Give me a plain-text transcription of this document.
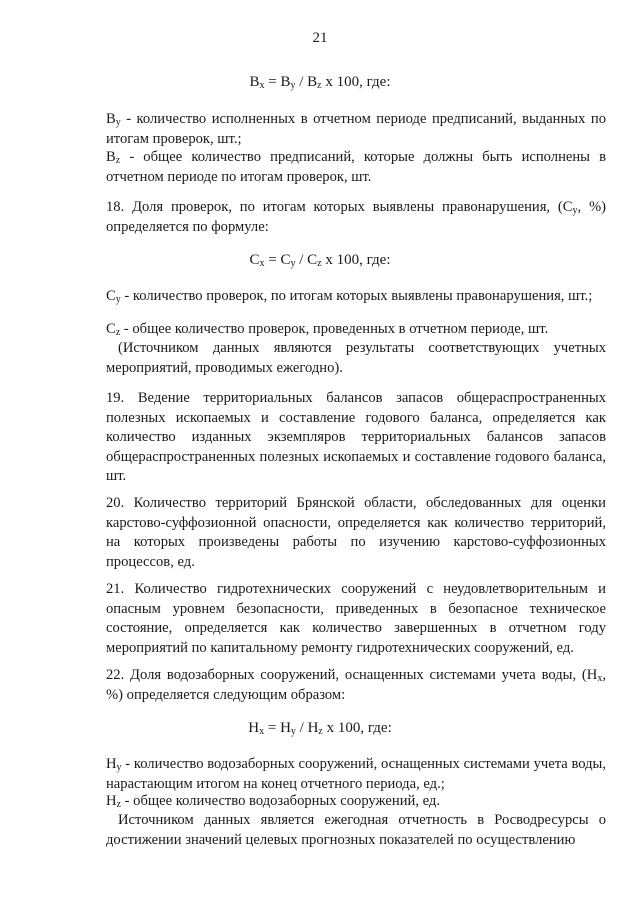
21
$B_x = B_y / B_z$ x 100, где:
$B_y$ - количество исполненных в отчетном периоде предписаний, выданных по итогам проверок, шт.;
$B_z$ - общее количество предписаний, которые должны быть исполнены в отчетном периоде по итогам проверок, шт.
18. Доля проверок, по итогам которых выявлены правонарушения, ($C_y$, %) определяется по формуле:
$C_x = C_y / C_z$ x 100, где:
$C_y$ - количество проверок, по итогам которых выявлены правонарушения, шт.;
$C_z$ - общее количество проверок, проведенных в отчетном периоде, шт.
(Источником данных являются результаты соответствующих учетных мероприятий, проводимых ежегодно).
19. Ведение территориальных балансов запасов общераспространенных полезных ископаемых и составление годового баланса, определяется как количество изданных экземпляров территориальных балансов запасов общераспространенных полезных ископаемых и составление годового баланса, шт.
20. Количество территорий Брянской области, обследованных для оценки карстово-суффозионной опасности, определяется как количество территорий, на которых произведены работы по изучению карстово-суффозионных процессов, ед.
21. Количество гидротехнических сооружений с неудовлетворительным и опасным уровнем безопасности, приведенных в безопасное техническое состояние, определяется как количество завершенных в отчетном году мероприятий по капитальному ремонту гидротехнических сооружений, ед.
22. Доля водозаборных сооружений, оснащенных системами учета воды, ($H_x$, %) определяется следующим образом:
$H_x = H_y / H_z$ x 100, где:
$H_y$ - количество водозаборных сооружений, оснащенных системами учета воды, нарастающим итогом на конец отчетного периода, ед.;
$H_z$ - общее количество водозаборных сооружений, ед.
Источником данных является ежегодная отчетность в Росводресурсы о достижении значений целевых прогнозных показателей по осуществлению
